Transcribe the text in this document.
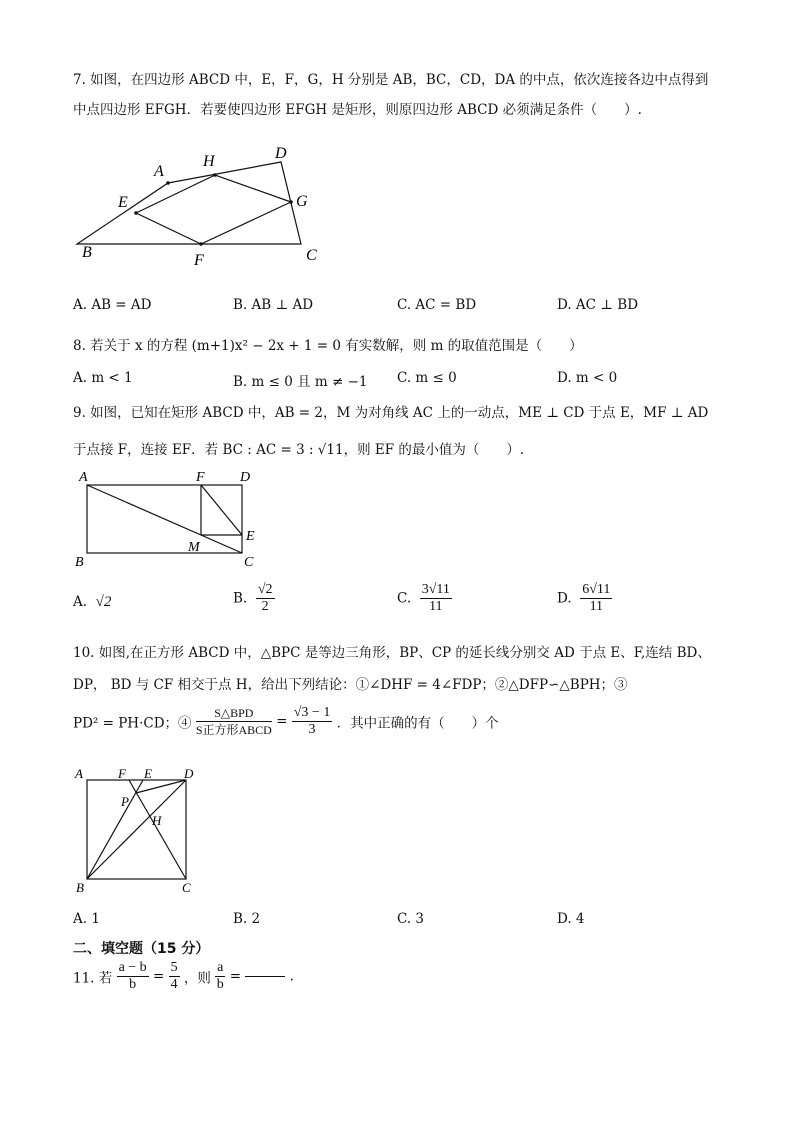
7. 如图，在四边形 ABCD 中，E，F，G，H 分别是 AB，BC，CD，DA 的中点，依次连接各边中点得到
中点四边形 EFGH．若要使四边形 EFGH 是矩形，则原四边形 ABCD 必须满足条件（　　）.
A
H	D
E	G
B	F	C
A. AB = AD	B. AB ⊥ AD	C. AC = BD	D. AC ⊥ BD
8. 若关于 x 的方程 (m+1)x² − 2x + 1 = 0 有实数解，则 m 的取值范围是（　　）
A. m < 1	B. m ≤ 0 且 m ≠ −1 C. m ≤ 0	D. m < 0
9. 如图，已知在矩形 ABCD 中，AB = 2，M 为对角线 AC 上的一动点，ME ⊥ CD 于点 E，MF ⊥ AD
于点接 F，连接 EF．若 BC : AC = 3 : √11，则 EF 的最小值为（　　）.
A	F	D
E
M
B	C
A. √2	B. $\frac{√2}{2}$	C. $\frac{3√11}{11}$	D. $\frac{6√11}{11}$
10. 如图,在正方形 ABCD 中，△BPC 是等边三角形，BP、CP 的延长线分别交 AD 于点 E、F,连结 BD、
DP， BD 与 CF 相交于点 H，给出下列结论：①∠DHF = 4∠FDP；②△DFP∽△BPH；③
PD² = PH·CD；④ $\frac{\text{S△BPD}}{\text{S正方形ABCD}} = \frac{√3 - 1}{3}$ ．其中正确的有（　　）个
A	F E D
P
H
B	C
A. 1	B. 2	C. 3	D. 4
二、填空题（15 分）
11. 若 $\frac{a - b}{b} = \frac{5}{4}$ ，则 $\frac{a}{b}$ =	.
